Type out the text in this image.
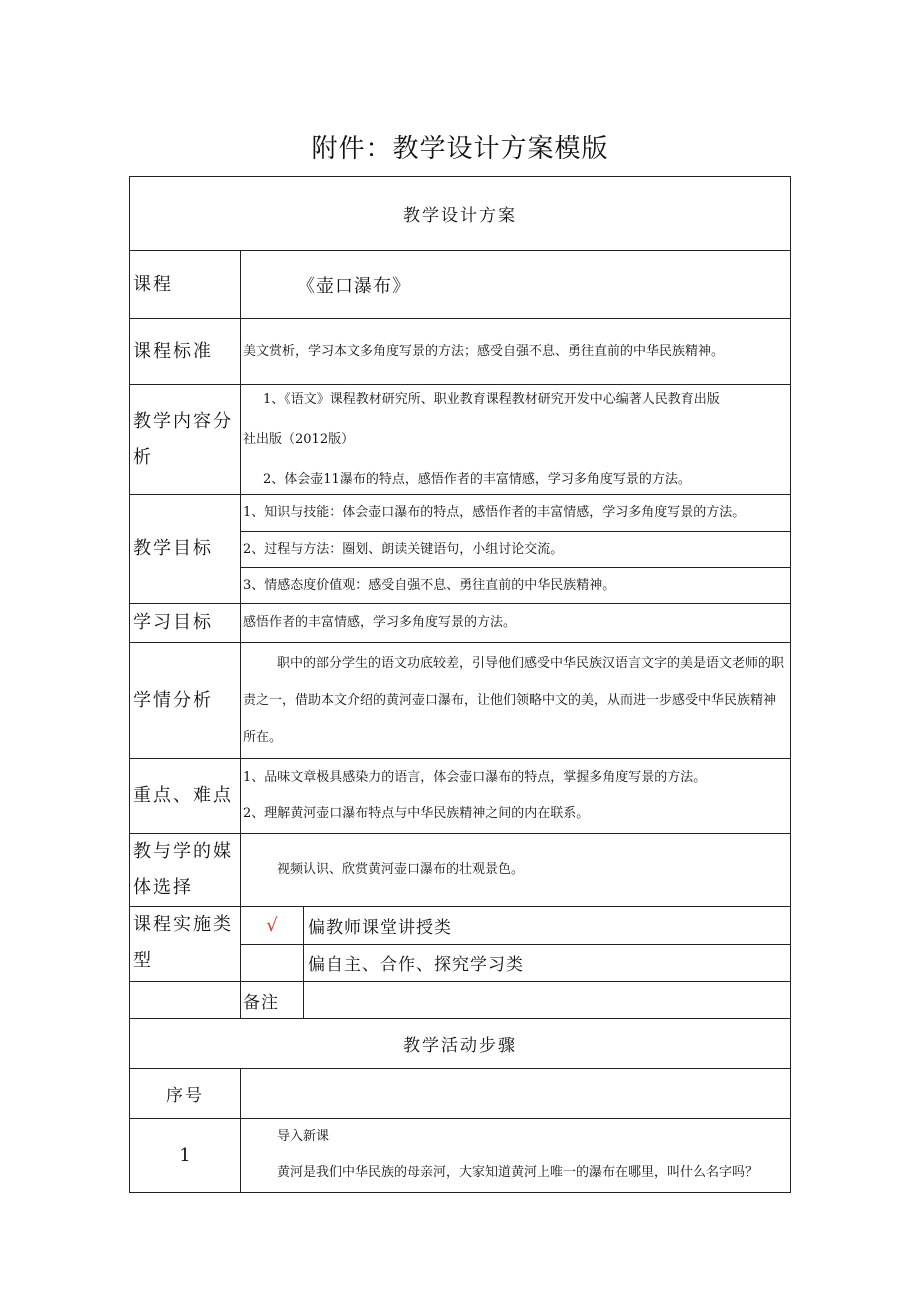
附件：教学设计方案模版
教学设计方案		
课程	《壶口瀑布》	
课程标准	美文赏析，学习本文多角度写景的方法；感受自强不息、勇往直前的中华民族精神。	
教学内容分析	1、《语文》课程教材研究所、职业教育课程教材研究开发中心编著人民教育出版

社出版（2012版）

2、体会壶11瀑布的特点，感悟作者的丰富情感，学习多角度写景的方法。	

教学目标	1、知识与技能：体会壶口瀑布的特点，感悟作者的丰富情感，学习多角度写景的方法。	
	2、过程与方法：圈划、朗读关键语句，小组讨论交流。	
	3、情感态度价值观：感受自强不息、勇往直前的中华民族精神。	
学习目标	感悟作者的丰富情感，学习多角度写景的方法。	
学情分析	职中的部分学生的语文功底较差，引导他们感受中华民族汉语言文字的美是语文老师的职

责之一，借助本文介绍的黄河壶口瀑布，让他们领略中文的美，从而进一步感受中华民族精神

所在。	

重点、难点	1、品味文章极具感染力的语言，体会壶口瀑布的特点，掌握多角度写景的方法。

2、理解黄河壶口瀑布特点与中华民族精神之间的内在联系。	

教与学的媒
体选择	视频认识、欣赏黄河壶口瀑布的壮观景色。	

课程实施类
型	√	偏教师课堂讲授类
		偏自主、合作、探究学习类
	备注	
教学活动步骤		
序号		
1	导入新课

黄河是我们中华民族的母亲河，大家知道黄河上唯一的瀑布在哪里，叫什么名字吗？	
